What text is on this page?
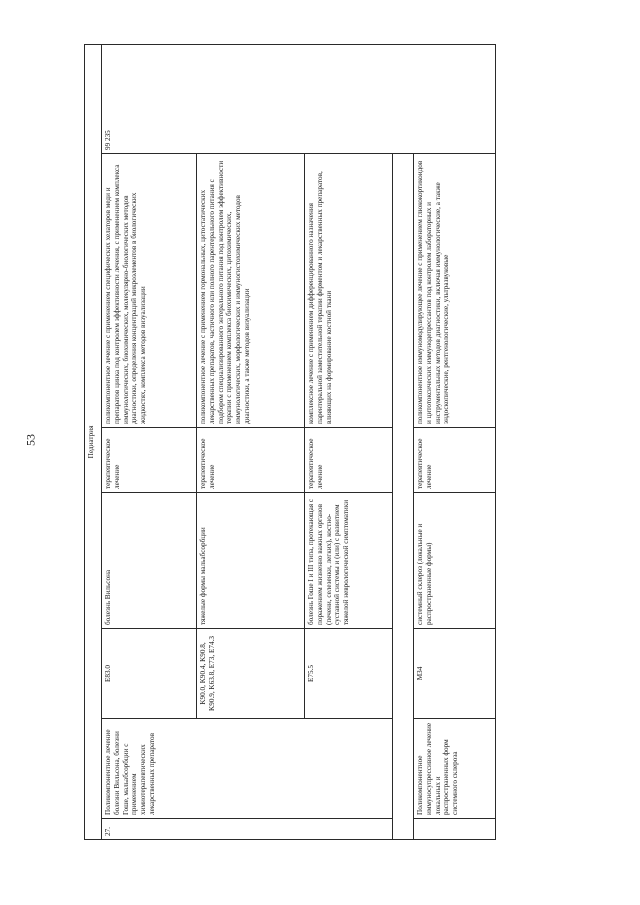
53	Педиатрия						
27.	Поликомпонентное лечение болезни Вильсона, болезни Гоше, мальабсорбции с применением химиотерапевтических лекарственных препаратов	E83.0	болезнь Вильсона	терапевтическое лечение	поликомпонентное лечение с применением специфических хелаторов меди и препаратов цинка под контролем эффективности лечения, с применением комплекса иммунологических, биохимических, молекулярно-биологических методов диагностики, определения концентраций микроэлементов в биологических жидкостях, комплекса методов визуализации	99 235
		K90.0, K90.4, K90.8, K90.9, K63.8, E73, E74.3	тяжелые формы мальабсорбции	терапевтическое лечение	поликомпонентное лечение с применением гормональных, цитостатических лекарственных препаратов, частичного или полного парентерального питания с подбором специализированного энтерального питания под контролем эффективности терапии с применением комплекса биохимических, цитохимических, иммунологических, морфологических и иммуногистохимических методов диагностики, а также методов визуализации	
		E75.5	болезнь Гоше I и III типа, протекающая с поражением жизненно важных органов (печени, селезенки, легких), костно-суставной системы и (или) с развитием тяжелой неврологической симптоматики	терапевтическое лечение	комплексное лечение с применением дифференцированного назначения парентеральной заместительной терапии ферментом и лекарственных препаратов, влияющих на формирование костной ткани	

	Поликомпонентное иммуносупрессивное лечение локальных и распространенных форм системного склероза	M34	системный склероз (локальные и распространенные формы)	терапевтическое лечение	поликомпонентное иммуномодулирующее лечение с применением глюкокортикоидов и цитотоксических иммунодепрессантов под контролем лабораторных и инструментальных методов диагностики, включая иммунологические, а также эндоскопические, рентгенологические, ультразвуковые	
